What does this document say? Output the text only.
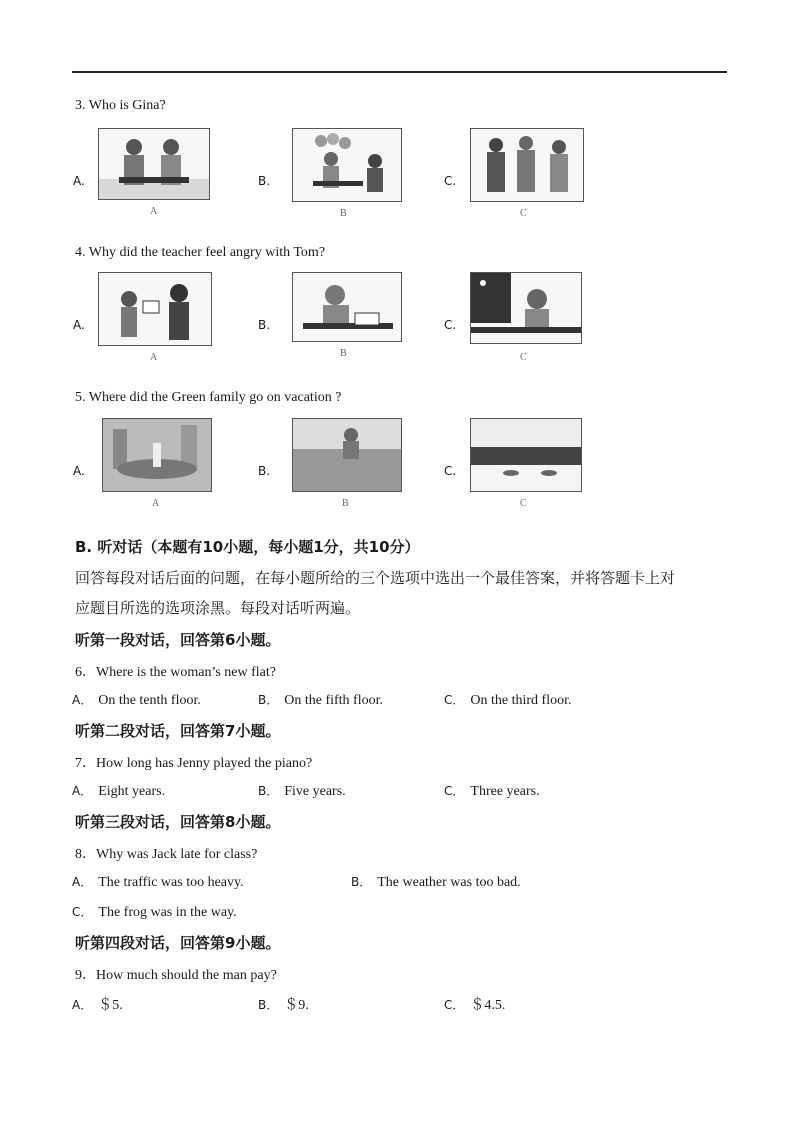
3. Who is Gina?
A.
A
B.
B
C.
C
4. Why did the teacher feel angry with Tom?
A.
A
B.
B
C.
C
5. Where did the Green family go on vacation ?
A.
A
B.
B
C.
C
B. 听对话（本题有10小题，每小题1分，共10分）
回答每段对话后面的问题，在每小题所给的三个选项中选出一个最佳答案，并将答题卡上对
应题目所选的选项涂黑。每段对话听两遍。
听第一段对话，回答第6小题。
6．Where is the woman’s new flat?
A． On the tenth floor.	B． On the fifth floor.	C． On the third floor.
听第二段对话，回答第7小题。
7．How long has Jenny played the piano?
A． Eight years.	B． Five years.	C． Three years.
听第三段对话，回答第8小题。
8．Why was Jack late for class?
A． The traffic was too heavy.	B． The weather was too bad.
C． The frog was in the way.
听第四段对话，回答第9小题。
9．How much should the man pay?
A． ＄5.	B． ＄9.	C． ＄4.5.
